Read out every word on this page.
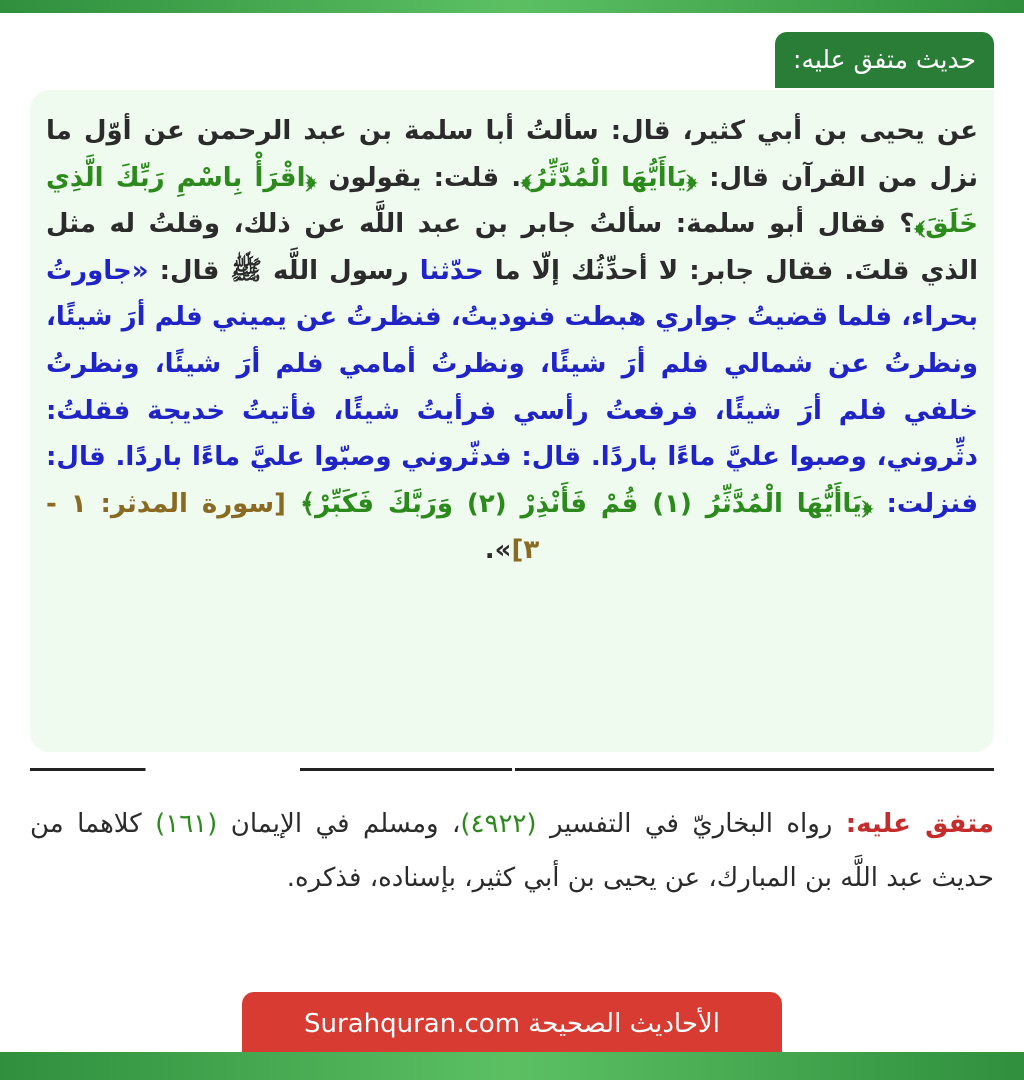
حديث متفق عليه:
عن يحيى بن أبي كثير، قال: سألتُ أبا سلمة بن عبد الرحمن عن أوّل ما نزل من القرآن قال: ﴿يَاأَيُّهَا الْمُدَّثِّرُ﴾. قلت: يقولون ﴿اقْرَأْ بِاسْمِ رَبِّكَ الَّذِي خَلَقَ﴾؟ فقال أبو سلمة: سألتُ جابر بن عبد اللَّه عن ذلك، وقلتُ له مثل الذي قلتَ. فقال جابر: لا أحدِّثُك إلّا ما حدّثنا رسول اللَّه ﷺ قال: «جاورتُ بحراء، فلما قضيتُ جواري هبطت فنوديتُ، فنظرتُ عن يميني فلم أرَ شيئًا، ونظرتُ عن شمالي فلم أرَ شيئًا، ونظرتُ أمامي فلم أرَ شيئًا، ونظرتُ خلفي فلم أرَ شيئًا، فرفعتُ رأسي فرأيتُ شيئًا، فأتيتُ خديجة فقلتُ: دثِّروني، وصبوا عليَّ ماءًا باردًا. قال: فدثّروني وصبّوا عليَّ ماءًا باردًا. قال: فنزلت: ﴿يَاأَيُّهَا الْمُدَّثِّرُ (١) قُمْ فَأَنْذِرْ (٢) وَرَبَّكَ فَكَبِّرْ﴾ [سورة المدثر: ١ - ٣]».
متفق عليه: رواه البخاريّ في التفسير (٤٩٢٢)، ومسلم في الإيمان (١٦١) كلاهما من حديث عبد اللَّه بن المبارك، عن يحيى بن أبي كثير، بإسناده، فذكره.
الأحاديث الصحيحة Surahquran.com
